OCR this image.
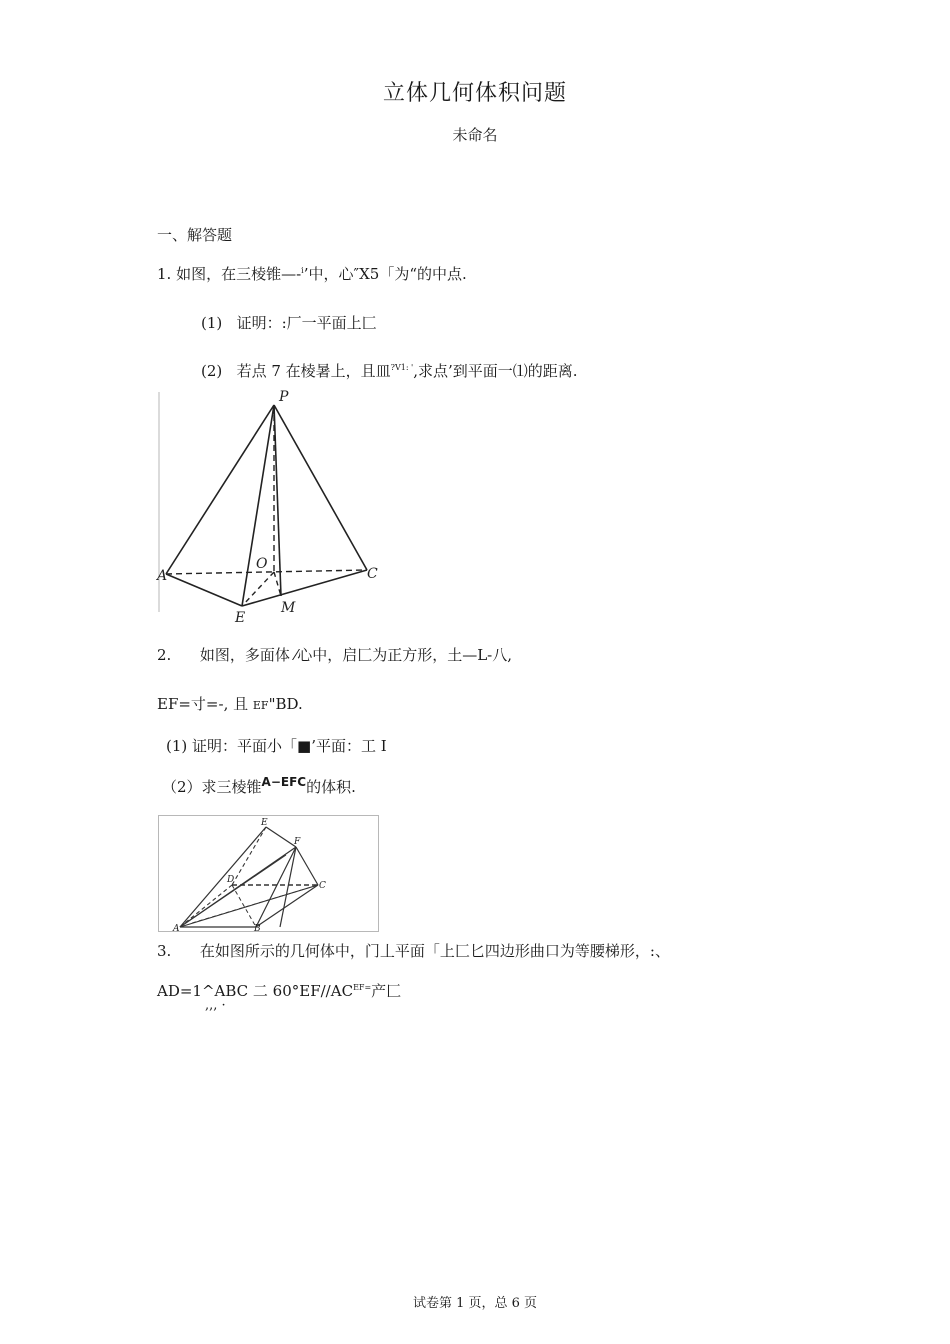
立体几何体积问题
未命名
一、解答题
1. 如图，在三棱锥—-$^i$’中，心″X5「为“的中点.
(1) 证明：:厂一平面上匚
(2) 若点 7 在棱暑上，且皿$^{?V1: '}$,求点’到平面一⑴的距离.
P
A
O
C
E
M
2. 如图，多面体 ⁄心中，启匚为正方形，土—L-八,
EF=寸=-, 且 EF"BD.
(1) 证明：平面小「■’平面：工 I
（2）求三棱锥$^{A-EFC}$的体积.
E
F
D
C
A	B
3. 在如图所示的几何体中，门丄平面「上匚匕四边形曲口为等腰梯形，:、
AD=1^ABC 二 $60^\circ EF//AC^{EF=}$产匚
,,, ·
试卷第 1 页，总 6 页
